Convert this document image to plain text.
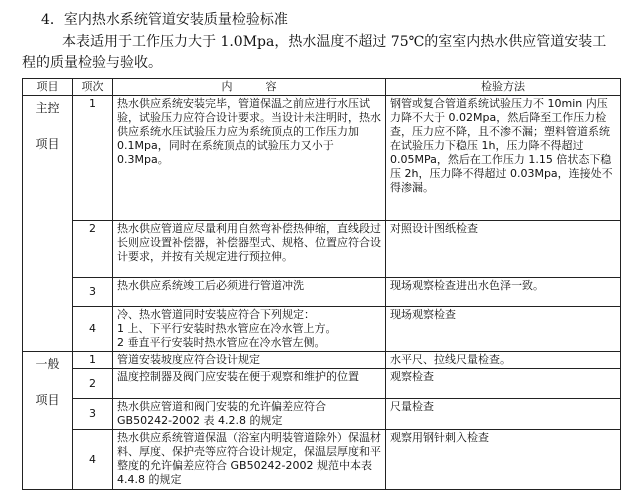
4．室内热水系统管道安装质量检验标准
本表适用于工作压力大于 1.0Mpa，热水温度不超过 75℃的室室内热水供应管道安装工
程的质量检验与验收。
项目	项次	内　　　容	检验方法

主控
项目	1	热水供应系统安装完毕，管道保温之前应进行水压试验，试验压力应符合设计要求。当设计未注明时，热水供应系统水压试验压力应为系统顶点的工作压力加 0.1Mpa，同时在系统顶点的试验压力又小于 0.3Mpa。	钢管或复合管道系统试验压力不 10min 内压力降不大于 0.02Mpa，然后降至工作压力检查，压力应不降，且不渗不漏；塑料管道系统在试验压力下稳压 1h，压力降不得超过 0.05MPa，然后在工作压力 1.15 倍状态下稳压 2h，压力降不得超过 0.03Mpa，连接处不得渗漏。
	2	热水供应管道应尽量利用自然弯补偿热伸缩，直线段过长则应设置补偿器，补偿器型式、规格、位置应符合设计要求，并按有关规定进行预拉伸。	对照设计图纸检查
	3	热水供应系统竣工后必须进行管道冲洗	现场观察检查进出水色泽一致。
	4	冷、热水管道同时安装应符合下列规定：
1 上、下平行安装时热水管应在冷水管上方。
2 垂直平行安装时热水管应在冷水管左侧。	现场观察检查

一般
项目	1	管道安装坡度应符合设计规定	水平尺、拉线尺量检查。
	2	温度控制器及阀门应安装在便于观察和维护的位置	观察检查
	3	热水供应管道和阀门安装的允许偏差应符合 GB50242-2002 表 4.2.8 的规定	尺量检查
	4	热水供应系统管道保温（浴室内明装管道除外）保温材料、厚度、保护壳等应符合设计规定，保温层厚度和平整度的允许偏差应符合 GB50242-2002 规范中本表 4.4.8 的规定	观察用钢针刺入检查
